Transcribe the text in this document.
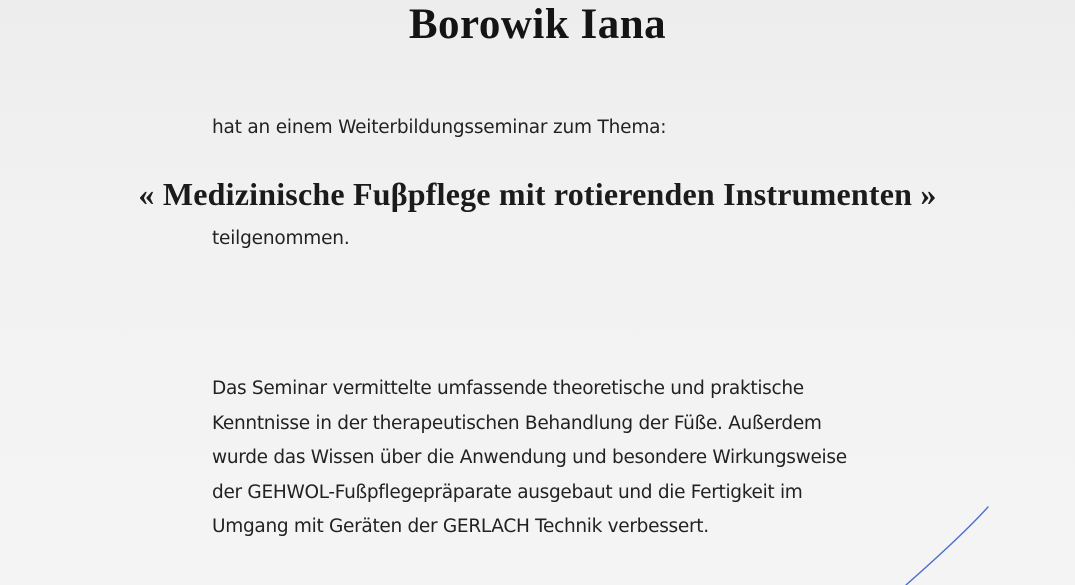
Borowik Iana

hat an einem Weiterbildungsseminar zum Thema:

« Medizinische Fuβpflege mit rotierenden Instrumenten »

teilgenommen.

Das Seminar vermittelte umfassende theoretische und praktische
Kenntnisse in der therapeutischen Behandlung der Füße. Außerdem
wurde das Wissen über die Anwendung und besondere Wirkungsweise
der GEHWOL-Fußpflegepräparate ausgebaut und die Fertigkeit im
Umgang mit Geräten der GERLACH Technik verbessert.
